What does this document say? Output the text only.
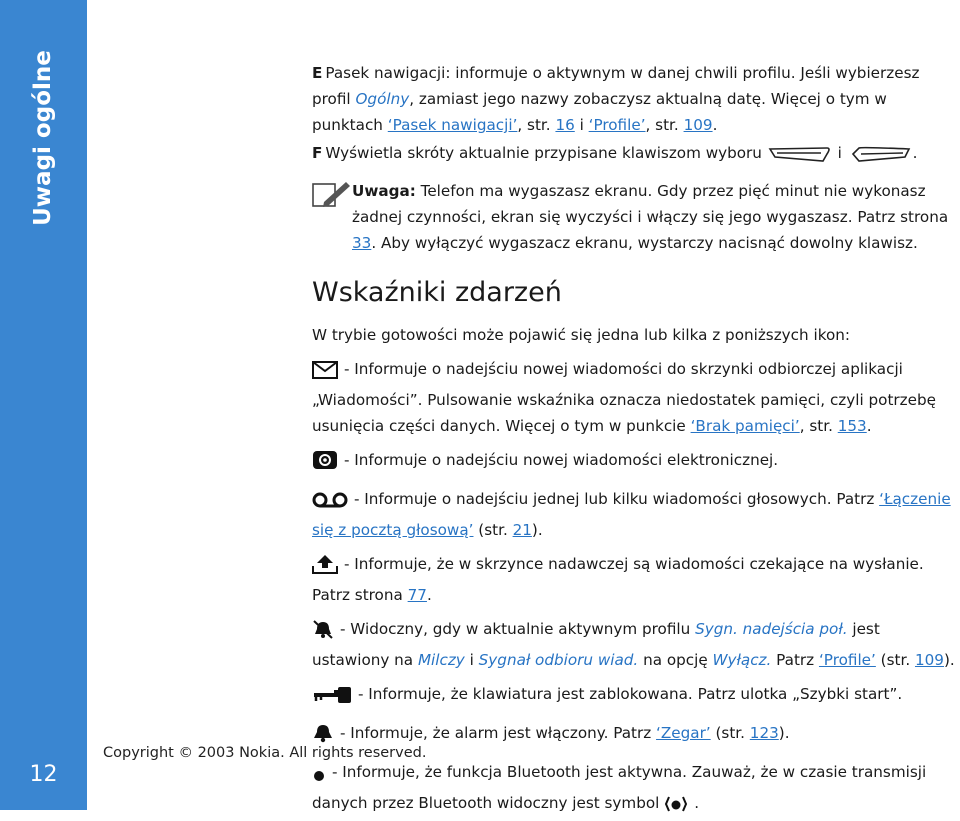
Uwagi ogólne
12
Copyright © 2003 Nokia. All rights reserved.

E Pasek nawigacji: informuje o aktywnym w danej chwili profilu. Jeśli wybierzesz profil Ogólny, zamiast jego nazwy zobaczysz aktualną datę. Więcej o tym w punktach ‘Pasek nawigacji’, str. 16 i ‘Profile’, str. 109.

F Wyświetla skróty aktualnie przypisane klawiszom wyboru	i	.

Uwaga: Telefon ma wygaszasz ekranu. Gdy przez pięć minut nie wykonasz żadnej czynności, ekran się wyczyści i włączy się jego wygaszasz. Patrz strona 33. Aby wyłączyć wygaszacz ekranu, wystarczy nacisnąć dowolny klawisz.

Wskaźniki zdarzeń

W trybie gotowości może pojawić się jedna lub kilka z poniższych ikon:

- Informuje o nadejściu nowej wiadomości do skrzynki odbiorczej aplikacji „Wiadomości”. Pulsowanie wskaźnika oznacza niedostatek pamięci, czyli potrzebę usunięcia części danych. Więcej o tym w punkcie ‘Brak pamięci’, str. 153.

- Informuje o nadejściu nowej wiadomości elektronicznej.

- Informuje o nadejściu jednej lub kilku wiadomości głosowych. Patrz ‘Łączenie się z pocztą głosową’ (str. 21).

- Informuje, że w skrzynce nadawczej są wiadomości czekające na wysłanie. Patrz strona 77.

- Widoczny, gdy w aktualnie aktywnym profilu Sygn. nadejścia poł. jest ustawiony na Milczy i Sygnał odbioru wiad. na opcję Wyłącz. Patrz ‘Profile’ (str. 109).

- Informuje, że klawiatura jest zablokowana. Patrz ulotka „Szybki start”.

- Informuje, że alarm jest włączony. Patrz ‘Zegar’ (str. 123).

- Informuje, że funkcja Bluetooth jest aktywna. Zauważ, że w czasie transmisji danych przez Bluetooth widoczny jest symbol .
